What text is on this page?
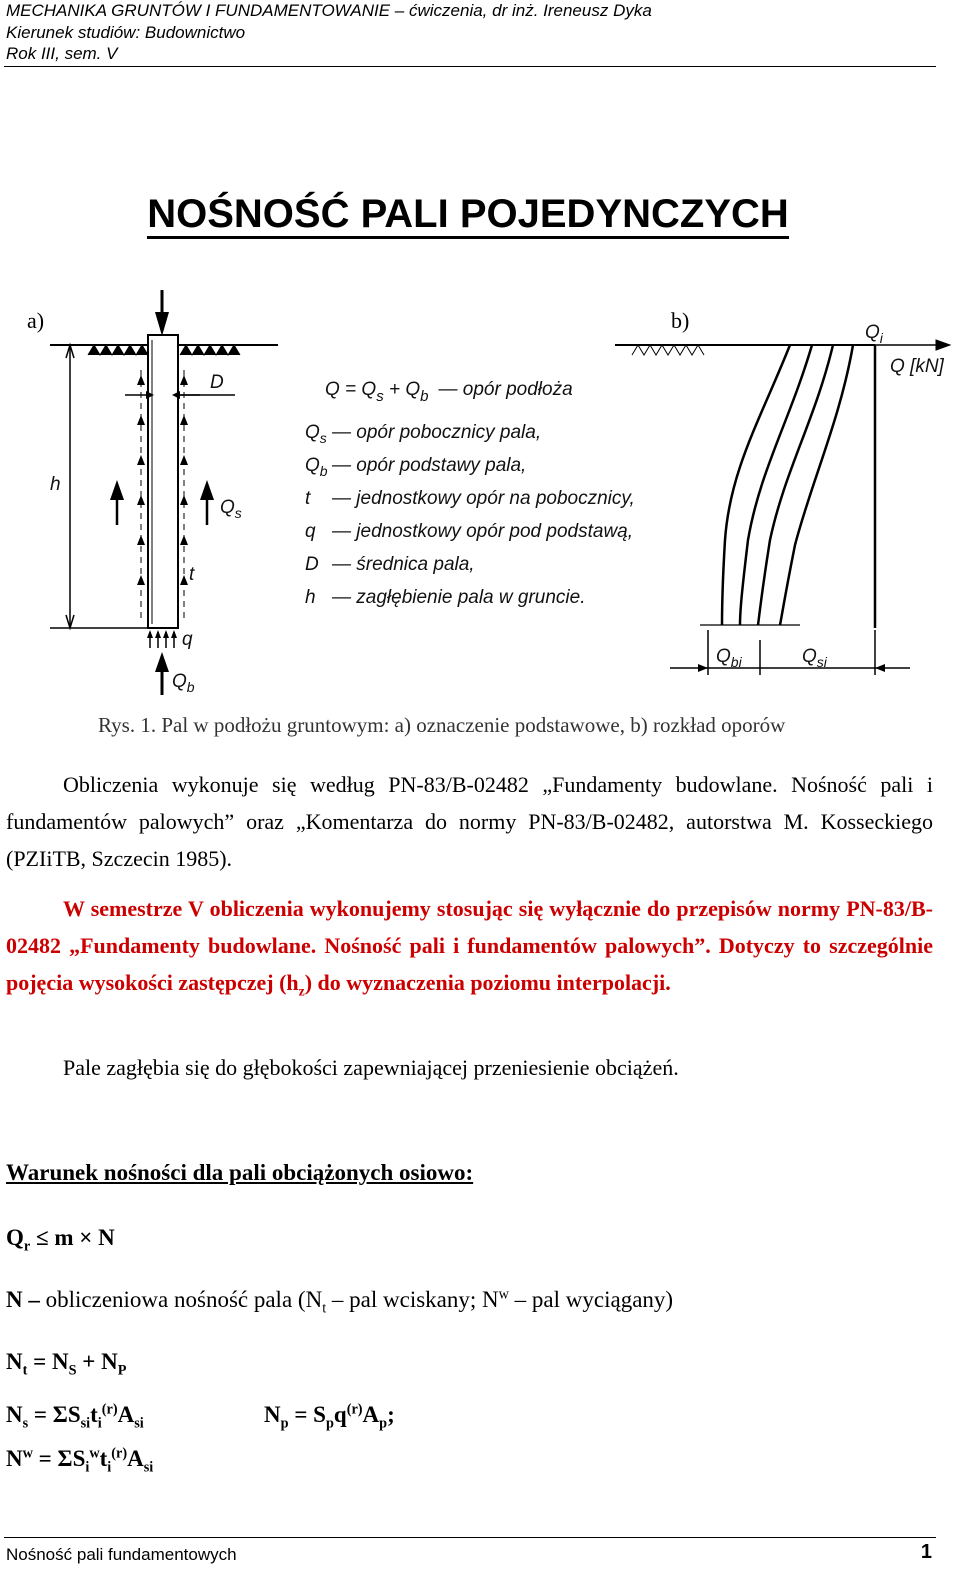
MECHANIKA GRUNTÓW I FUNDAMENTOWANIE – ćwiczenia, dr inż. Ireneusz Dyka
Kierunek studiów: Budownictwo
Rok III, sem. V
NOŚNOŚĆ PALI POJEDYNCZYCH
a)
D
h
$Q_s$
t
q
$Q_b$
$Q = Q_s + Q_b$ — opór podłoża
$Q_s$ — opór pobocznicy pala,
$Q_b$ — opór podstawy pala,
t — jednostkowy opór na pobocznicy,
q — jednostkowy opór pod podstawą,
D — średnica pala,
h — zagłębienie pala w gruncie.
b)	$Q_i$
Q [kN]
$Q_{bi}$	$Q_{si}$
Rys. 1. Pal w podłożu gruntowym: a) oznaczenie podstawowe, b) rozkład oporów
Obliczenia wykonuje się według PN-83/B-02482 „Fundamenty budowlane. Nośność pali i fundamentów palowych” oraz „Komentarza do normy PN-83/B-02482, autorstwa M. Kosseckiego (PZIiTB, Szczecin 1985).
W semestrze V obliczenia wykonujemy stosując się wyłącznie do przepisów normy PN-83/B-02482 „Fundamenty budowlane. Nośność pali i fundamentów palowych”. Dotyczy to szczególnie pojęcia wysokości zastępczej $(h_z)$ do wyznaczenia poziomu interpolacji.
Pale zagłębia się do głębokości zapewniającej przeniesienie obciążeń.
Warunek nośności dla pali obciążonych osiowo:
$Q_r \le m \times N$
N – obliczeniowa nośność pala ($N_t$ – pal wciskany; $N^w$ – pal wyciągany)
$N_t = N_S + N_P$
$N_s = \Sigma S_{si}t_i^{(r)}A_{si}$	$N_p = S_pq^{(r)}A_p$;
$N^w = \Sigma S_i^wt_i^{(r)}A_{si}$
Nośność pali fundamentowych	1
